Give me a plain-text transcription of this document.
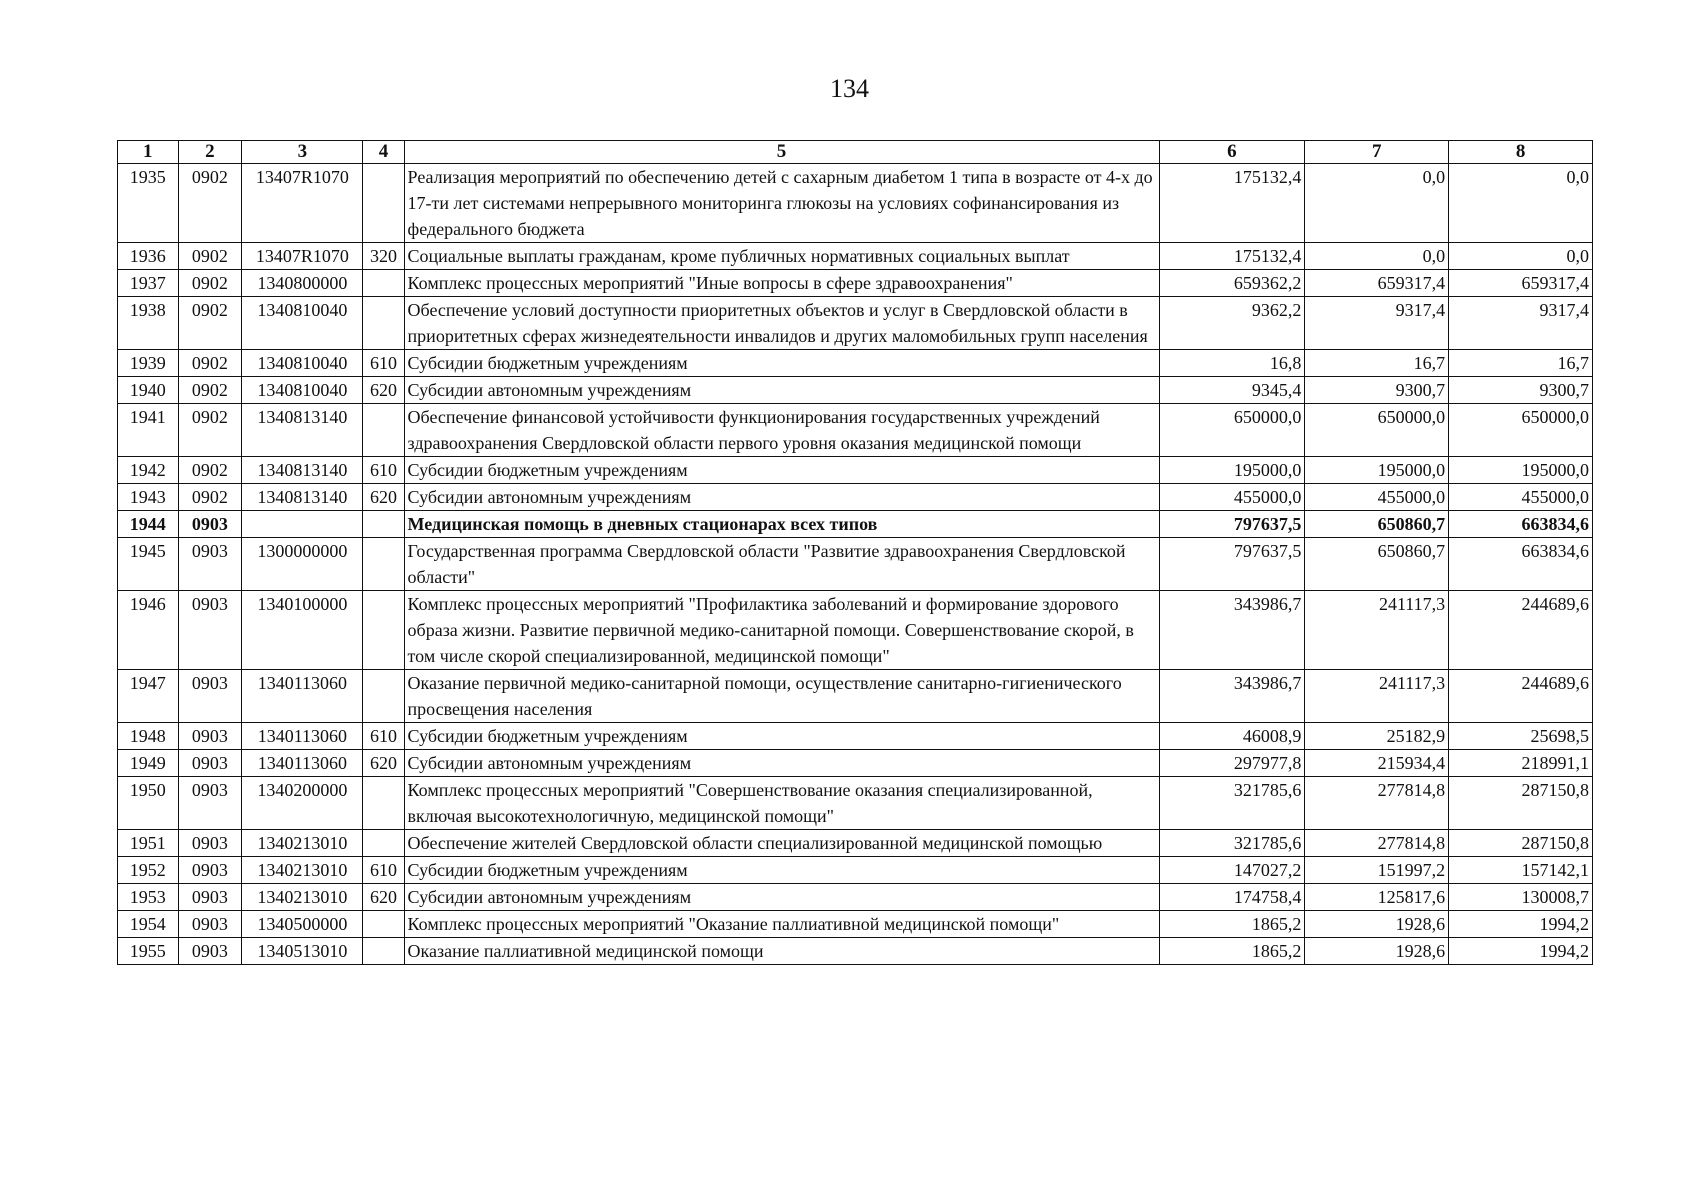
134
1	2	3	4	5	6	7	8
1935	0902	13407R1070		Реализация мероприятий по обеспечению детей с сахарным диабетом 1 типа в возрасте от 4-х до 17-ти лет системами непрерывного мониторинга глюкозы на условиях софинансирования из федерального бюджета	175132,4	0,0	0,0
1936	0902	13407R1070	320	Социальные выплаты гражданам, кроме публичных нормативных социальных выплат	175132,4	0,0	0,0
1937	0902	1340800000		Комплекс процессных мероприятий "Иные вопросы в сфере здравоохранения"	659362,2	659317,4	659317,4
1938	0902	1340810040		Обеспечение условий доступности приоритетных объектов и услуг в Свердловской области в приоритетных сферах жизнедеятельности инвалидов и других маломобильных групп населения	9362,2	9317,4	9317,4
1939	0902	1340810040	610	Субсидии бюджетным учреждениям	16,8	16,7	16,7
1940	0902	1340810040	620	Субсидии автономным учреждениям	9345,4	9300,7	9300,7
1941	0902	1340813140		Обеспечение финансовой устойчивости функционирования государственных учреждений здравоохранения Свердловской области первого уровня оказания медицинской помощи	650000,0	650000,0	650000,0
1942	0902	1340813140	610	Субсидии бюджетным учреждениям	195000,0	195000,0	195000,0
1943	0902	1340813140	620	Субсидии автономным учреждениям	455000,0	455000,0	455000,0
1944	0903			Медицинская помощь в дневных стационарах всех типов	797637,5	650860,7	663834,6
1945	0903	1300000000		Государственная программа Свердловской области "Развитие здравоохранения Свердловской области"	797637,5	650860,7	663834,6
1946	0903	1340100000		Комплекс процессных мероприятий "Профилактика заболеваний и формирование здорового образа жизни. Развитие первичной медико-санитарной помощи. Совершенствование скорой, в том числе скорой специализированной, медицинской помощи"	343986,7	241117,3	244689,6
1947	0903	1340113060		Оказание первичной медико-санитарной помощи, осуществление санитарно-гигиенического просвещения населения	343986,7	241117,3	244689,6
1948	0903	1340113060	610	Субсидии бюджетным учреждениям	46008,9	25182,9	25698,5
1949	0903	1340113060	620	Субсидии автономным учреждениям	297977,8	215934,4	218991,1
1950	0903	1340200000		Комплекс процессных мероприятий "Совершенствование оказания специализированной, включая высокотехнологичную, медицинской помощи"	321785,6	277814,8	287150,8
1951	0903	1340213010		Обеспечение жителей Свердловской области специализированной медицинской помощью	321785,6	277814,8	287150,8
1952	0903	1340213010	610	Субсидии бюджетным учреждениям	147027,2	151997,2	157142,1
1953	0903	1340213010	620	Субсидии автономным учреждениям	174758,4	125817,6	130008,7
1954	0903	1340500000		Комплекс процессных мероприятий "Оказание паллиативной медицинской помощи"	1865,2	1928,6	1994,2
1955	0903	1340513010		Оказание паллиативной медицинской помощи	1865,2	1928,6	1994,2
